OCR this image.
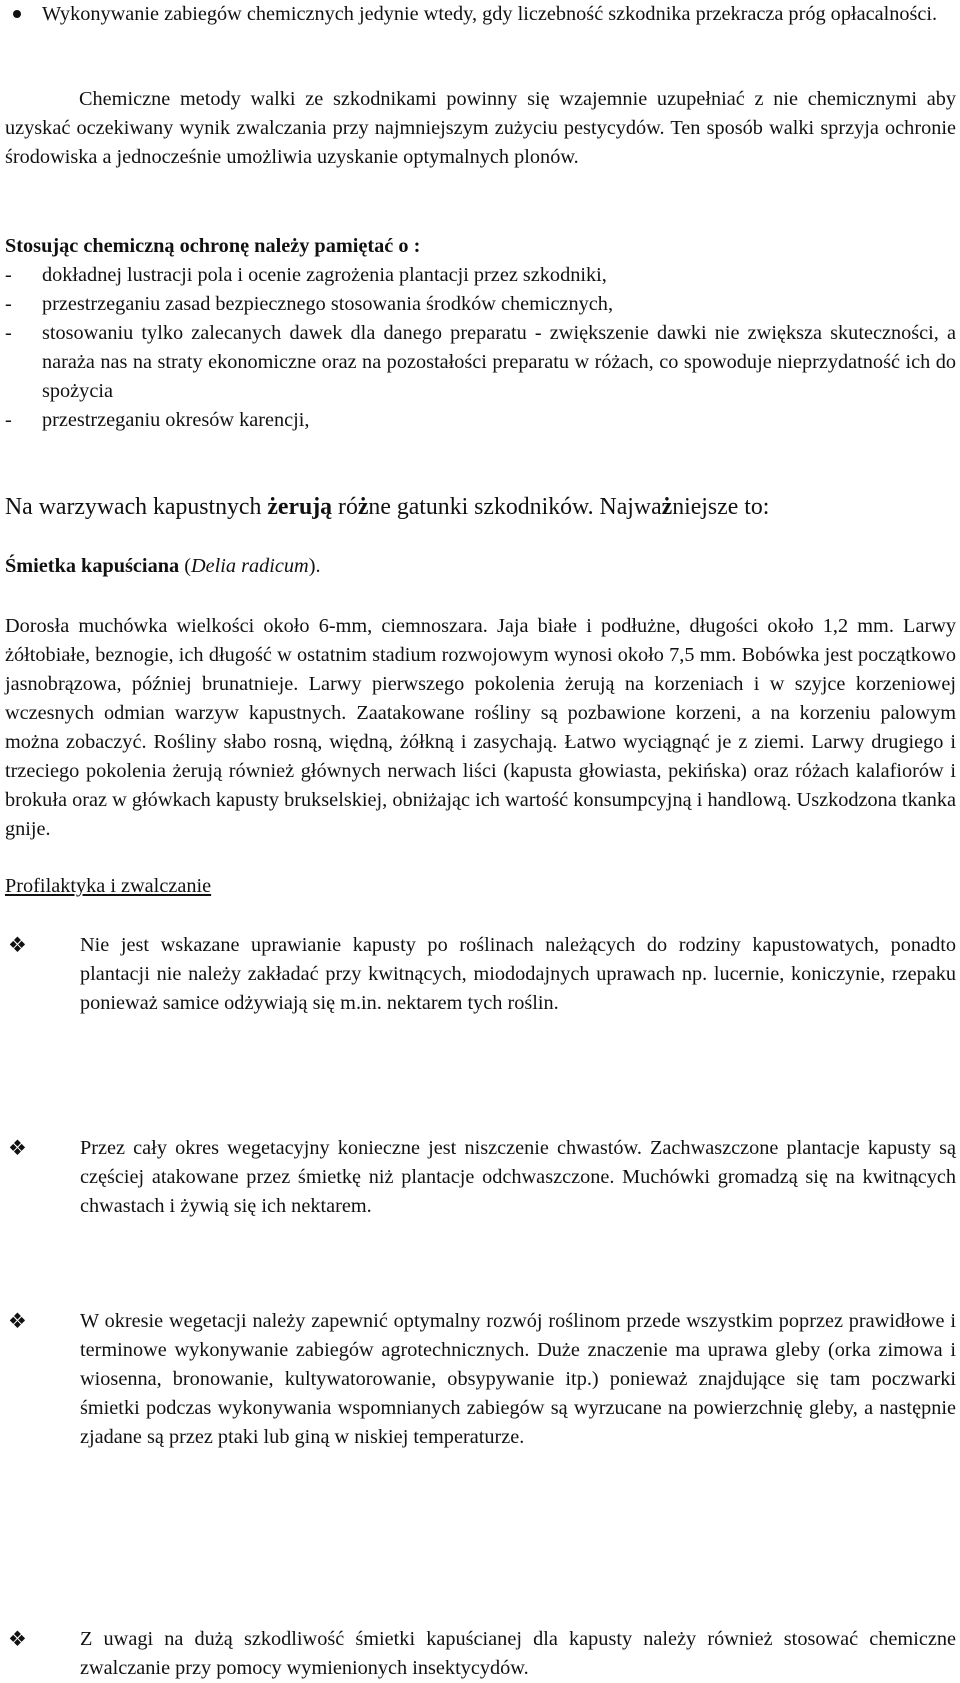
Wykonywanie zabiegów chemicznych jedynie wtedy, gdy liczebność szkodnika przekracza próg opłacalności.

Chemiczne metody walki ze szkodnikami powinny się wzajemnie uzupełniać z nie chemicznymi aby uzyskać oczekiwany wynik zwalczania przy najmniejszym zużyciu pestycydów. Ten sposób walki sprzyja ochronie środowiska a jednocześnie umożliwia uzyskanie optymalnych plonów.

Stosując chemiczną ochronę należy pamiętać o :
- dokładnej lustracji pola i ocenie zagrożenia plantacji przez szkodniki,
- przestrzeganiu zasad bezpiecznego stosowania środków chemicznych,
- stosowaniu tylko zalecanych dawek dla danego preparatu - zwiększenie dawki nie zwiększa skuteczności, a naraża nas na straty ekonomiczne oraz na pozostałości preparatu w różach, co spowoduje nieprzydatność ich do spożycia
- przestrzeganiu okresów karencji,
Na warzywach kapustnych żerują różne gatunki szkodników. Najważniejsze to:
Śmietka kapuściana (Delia radicum).

Dorosła muchówka wielkości około 6-mm, ciemnoszara. Jaja białe i podłużne, długości około 1,2 mm. Larwy żółtobiałe, beznogie, ich długość w ostatnim stadium rozwojowym wynosi około 7,5 mm. Bobówka jest początkowo jasnobrązowa, później brunatnieje. Larwy pierwszego pokolenia żerują na korzeniach i w szyjce korzeniowej wczesnych odmian warzyw kapustnych. Zaatakowane rośliny są pozbawione korzeni, a na korzeniu palowym można zobaczyć. Rośliny słabo rosną, więdną, żółkną i zasychają. Łatwo wyciągnąć je z ziemi. Larwy drugiego i trzeciego pokolenia żerują również głównych nerwach liści (kapusta głowiasta, pekińska) oraz różach kalafiorów i brokuła oraz w główkach kapusty brukselskiej, obniżając ich wartość konsumpcyjną i handlową. Uszkodzona tkanka gnije.

Profilaktyka i zwalczanie
❖	Nie jest wskazane uprawianie kapusty po roślinach należących do rodziny kapustowatych, ponadto plantacji nie należy zakładać przy kwitnących, miododajnych uprawach np. lucernie, koniczynie, rzepaku ponieważ samice odżywiają się m.in. nektarem tych roślin.
❖	Przez cały okres wegetacyjny konieczne jest niszczenie chwastów. Zachwaszczone plantacje kapusty są częściej atakowane przez śmietkę niż plantacje odchwaszczone. Muchówki gromadzą się na kwitnących chwastach i żywią się ich nektarem.
❖	W okresie wegetacji należy zapewnić optymalny rozwój roślinom przede wszystkim poprzez prawidłowe i terminowe wykonywanie zabiegów agrotechnicznych. Duże znaczenie ma uprawa gleby (orka zimowa i wiosenna, bronowanie, kultywatorowanie, obsypywanie itp.) ponieważ znajdujące się tam poczwarki śmietki podczas wykonywania wspomnianych zabiegów są wyrzucane na powierzchnię gleby, a następnie zjadane są przez ptaki lub giną w niskiej temperaturze.
❖	Z uwagi na dużą szkodliwość śmietki kapuścianej dla kapusty należy również stosować chemiczne zwalczanie przy pomocy wymienionych insektycydów.
